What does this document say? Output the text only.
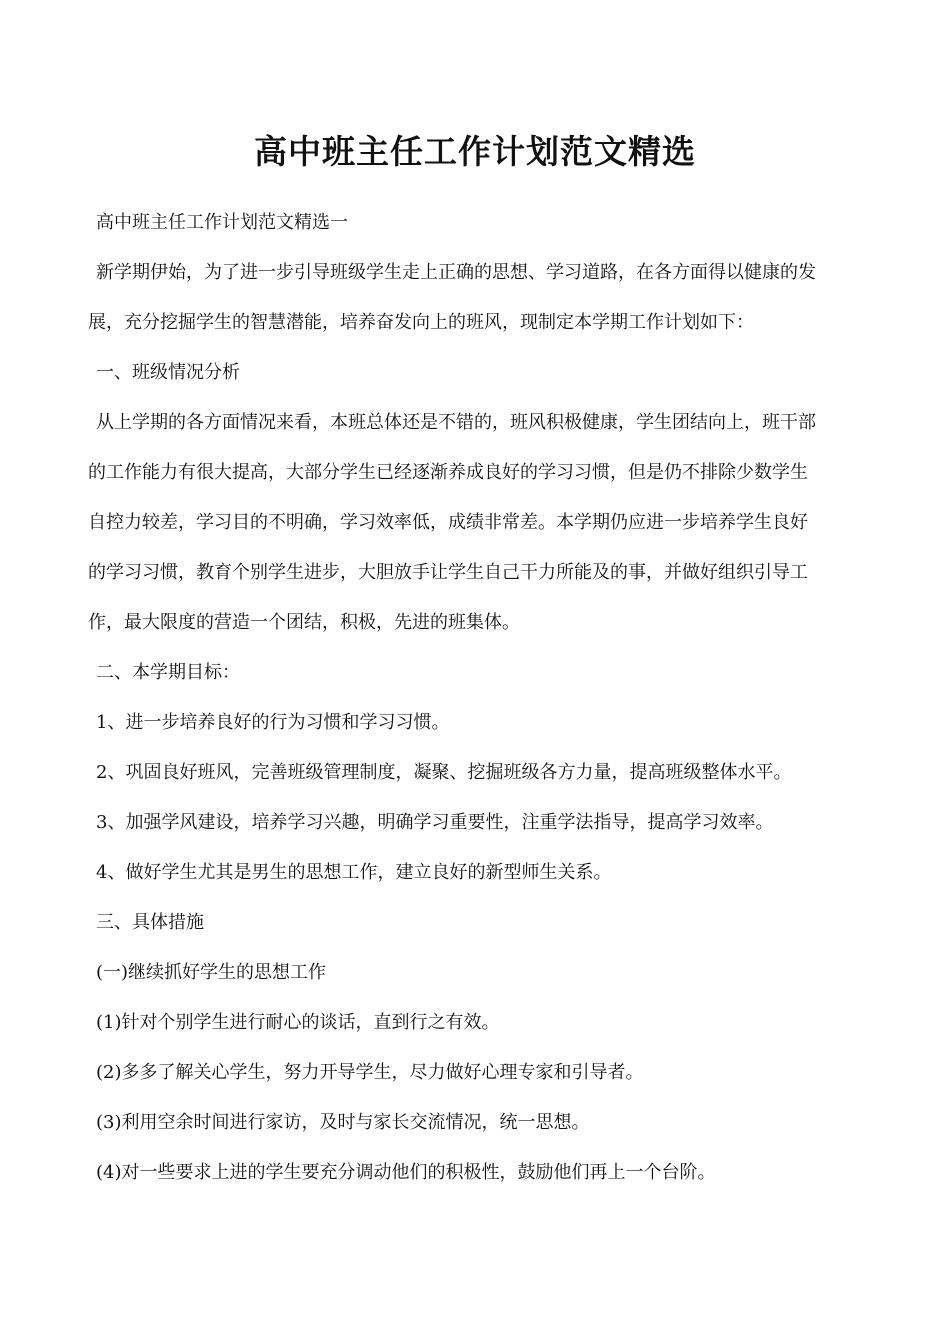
高中班主任工作计划范文精选
高中班主任工作计划范文精选一
新学期伊始，为了进一步引导班级学生走上正确的思想、学习道路，在各方面得以健康的发
展，充分挖掘学生的智慧潜能，培养奋发向上的班风，现制定本学期工作计划如下：
一、班级情况分析
从上学期的各方面情况来看，本班总体还是不错的，班风积极健康，学生团结向上，班干部
的工作能力有很大提高，大部分学生已经逐渐养成良好的学习习惯，但是仍不排除少数学生
自控力较差，学习目的不明确，学习效率低，成绩非常差。本学期仍应进一步培养学生良好
的学习习惯，教育个别学生进步，大胆放手让学生自己干力所能及的事，并做好组织引导工
作，最大限度的营造一个团结，积极，先进的班集体。
二、本学期目标：
1、进一步培养良好的行为习惯和学习习惯。
2、巩固良好班风，完善班级管理制度，凝聚、挖掘班级各方力量，提高班级整体水平。
3、加强学风建设，培养学习兴趣，明确学习重要性，注重学法指导，提高学习效率。
4、做好学生尤其是男生的思想工作，建立良好的新型师生关系。
三、具体措施
(一)继续抓好学生的思想工作
(1)针对个别学生进行耐心的谈话，直到行之有效。
(2)多多了解关心学生，努力开导学生，尽力做好心理专家和引导者。
(3)利用空余时间进行家访，及时与家长交流情况，统一思想。
(4)对一些要求上进的学生要充分调动他们的积极性，鼓励他们再上一个台阶。
